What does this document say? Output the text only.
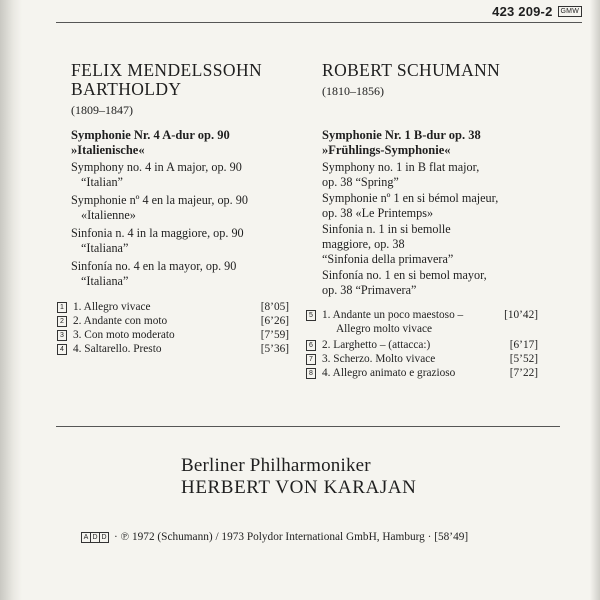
423 209-2	GMW
FELIX MENDELSSOHN
BARTHOLDY
(1809–1847)
Symphonie Nr. 4 A-dur op. 90
»Italienische«
Symphony no. 4 in A major, op. 90
“Italian”
Symphonie nº 4 en la majeur, op. 90
«Italienne»
Sinfonia n. 4 in la maggiore, op. 90
“Italiana”
Sinfonía no. 4 en la mayor, op. 90
“Italiana”
1 1. Allegro vivace	[8’05]
2 2. Andante con moto	[6’26]
3 3. Con moto moderato	[7’59]
4 4. Saltarello. Presto	[5’36]
ROBERT SCHUMANN
(1810–1856)
Symphonie Nr. 1 B-dur op. 38
»Frühlings-Symphonie«
Symphony no. 1 in B flat major,
op. 38 “Spring”
Symphonie nº 1 en si bémol majeur,
op. 38 «Le Printemps»
Sinfonia n. 1 in si bemolle
maggiore, op. 38
“Sinfonia della primavera”
Sinfonía no. 1 en si bemol mayor,
op. 38 “Primavera”
5 1. Andante un poco maestoso –	[10’42]
Allegro molto vivace
6 2. Larghetto – (attacca:)	[6’17]
7 3. Scherzo. Molto vivace	[5’52]
8 4. Allegro animato e grazioso	[7’22]
Berliner Philharmoniker
HERBERT VON KARAJAN
A D D · ℗ 1972 (Schumann) / 1973 Polydor International GmbH, Hamburg · [58’49]
